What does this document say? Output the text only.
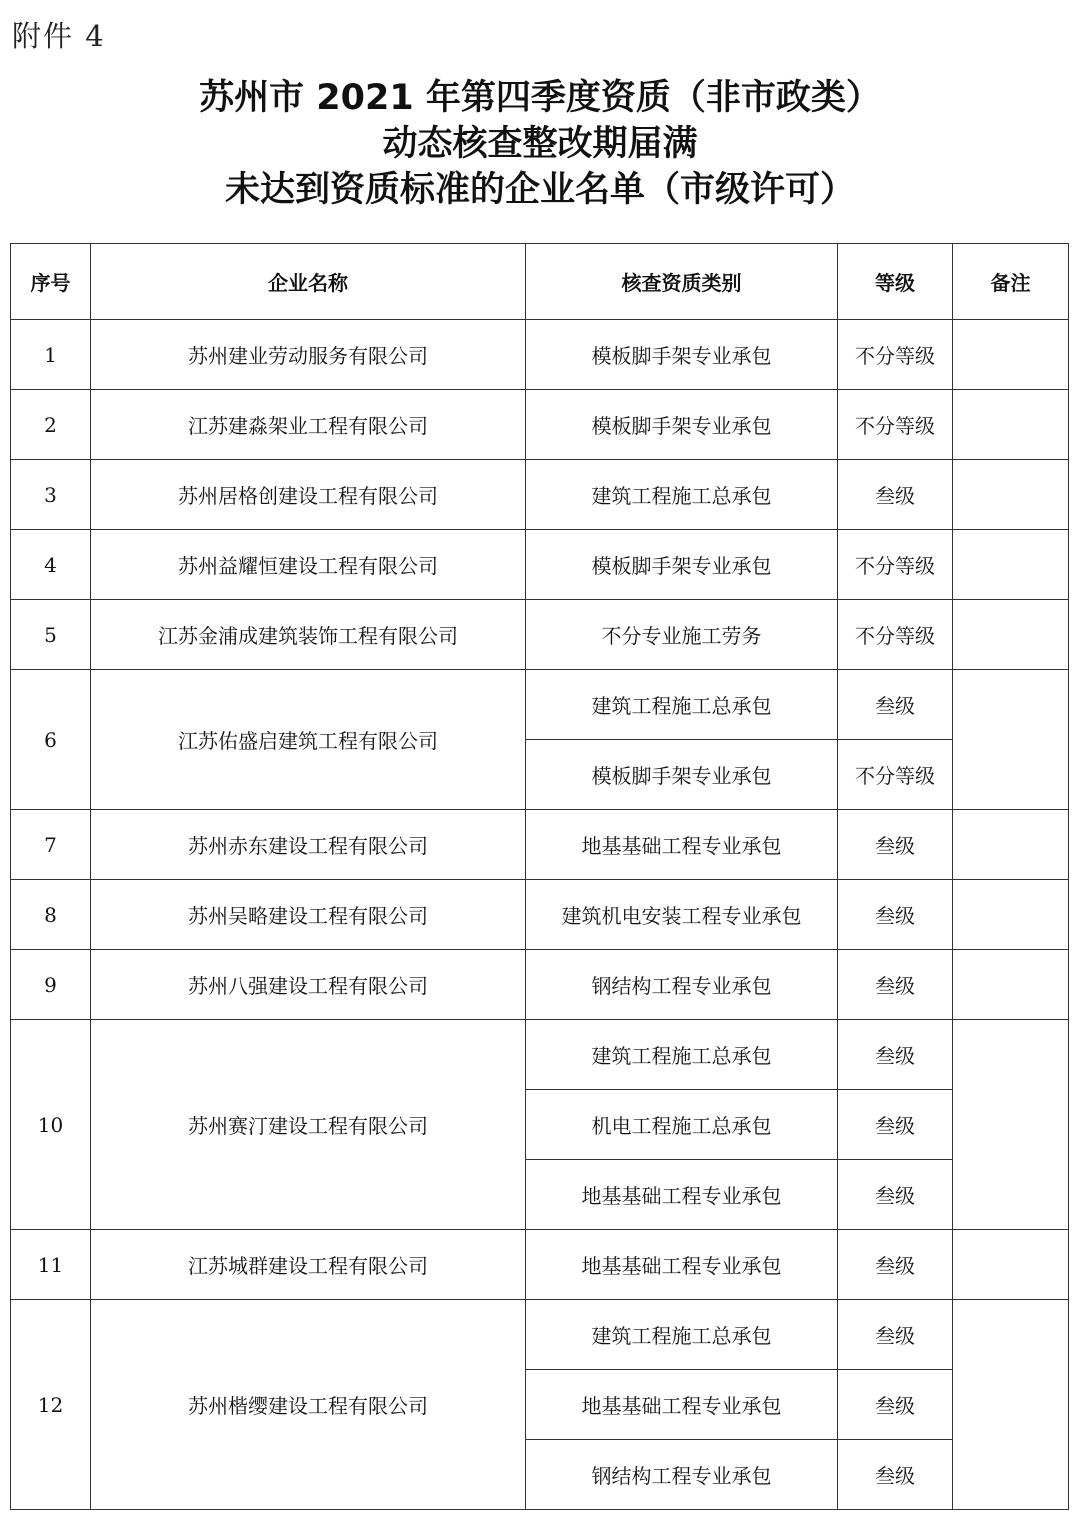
附件 4
苏州市 2021 年第四季度资质（非市政类）
动态核查整改期届满
未达到资质标准的企业名单（市级许可）
序号	企业名称	核查资质类别	等级	备注
1	苏州建业劳动服务有限公司	模板脚手架专业承包	不分等级	
2	江苏建淼架业工程有限公司	模板脚手架专业承包	不分等级	
3	苏州居格创建设工程有限公司	建筑工程施工总承包	叁级	
4	苏州益耀恒建设工程有限公司	模板脚手架专业承包	不分等级	
5	江苏金浦成建筑装饰工程有限公司	不分专业施工劳务	不分等级	
6	江苏佑盛启建筑工程有限公司	建筑工程施工总承包	叁级	
		模板脚手架专业承包	不分等级	
7	苏州赤东建设工程有限公司	地基基础工程专业承包	叁级	
8	苏州吴略建设工程有限公司	建筑机电安装工程专业承包	叁级	
9	苏州八强建设工程有限公司	钢结构工程专业承包	叁级	
10	苏州赛汀建设工程有限公司	建筑工程施工总承包	叁级	
		机电工程施工总承包	叁级	
		地基基础工程专业承包	叁级	
11	江苏城群建设工程有限公司	地基基础工程专业承包	叁级	
12	苏州楷缨建设工程有限公司	建筑工程施工总承包	叁级	
		地基基础工程专业承包	叁级	
		钢结构工程专业承包	叁级	
